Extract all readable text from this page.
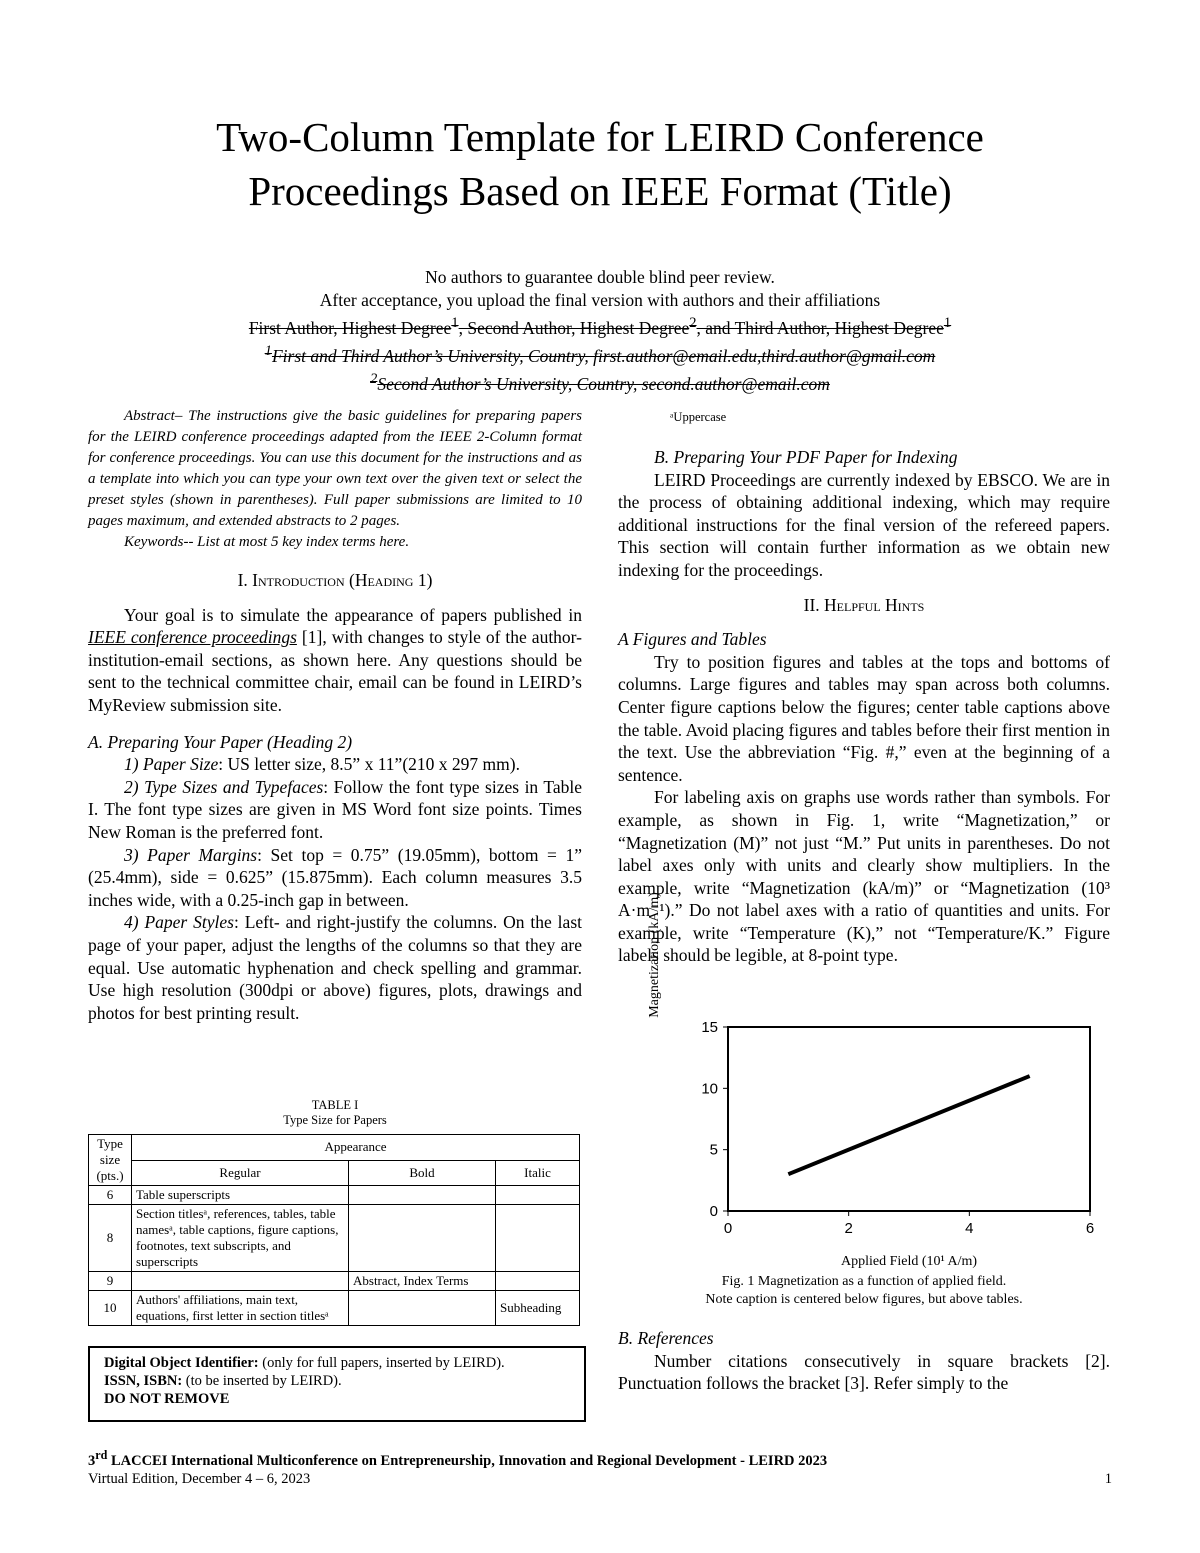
Two-Column Template for LEIRD Conference
Proceedings Based on IEEE Format (Title)
No authors to guarantee double blind peer review.
After acceptance, you upload the final version with authors and their affiliations
First Author, Highest Degree$^1$, Second Author, Highest Degree$^2$, and Third Author, Highest Degree$^1$
$^1$First and Third Author’s University, Country, first.author@email.edu,third.author@gmail.com
$^2$Second Author’s University, Country, second.author@email.com

Abstract– The instructions give the basic guidelines for preparing papers for the LEIRD conference proceedings adapted from the IEEE 2-Column format for conference proceedings. You can use this document for the instructions and as a template into which you can type your own text over the given text or select the preset styles (shown in parentheses). Full paper submissions are limited to 10 pages maximum, and extended abstracts to 2 pages.

Keywords-- List at most 5 key index terms here.

I. Introduction (Heading 1)

Your goal is to simulate the appearance of papers published in IEEE conference proceedings [1], with changes to style of the author-institution-email sections, as shown here. Any questions should be sent to the technical committee chair, email can be found in LEIRD’s MyReview submission site.

A. Preparing Your Paper (Heading 2)

1) Paper Size: US letter size, 8.5” x 11”(210 x 297 mm).

2) Type Sizes and Typefaces: Follow the font type sizes in Table I. The font type sizes are given in MS Word font size points. Times New Roman is the preferred font.

3) Paper Margins: Set top = 0.75” (19.05mm), bottom = 1” (25.4mm), side = 0.625” (15.875mm). Each column measures 3.5 inches wide, with a 0.25-inch gap in between.

4) Paper Styles: Left- and right-justify the columns. On the last page of your paper, adjust the lengths of the columns so that they are equal. Use automatic hyphenation and check spelling and grammar. Use high resolution (300dpi or above) figures, plots, drawings and photos for best printing result.

TABLE I
Type Size for Papers
Type size (pts.)	Appearance		
	Regular	Bold	Italic
6	Table superscripts		
8	Section titlesᵃ, references, tables, table namesᵃ, table captions, figure captions, footnotes, text subscripts, and superscripts		
9		Abstract, Index Terms	
10	Authors' affiliations, main text, equations, first letter in section titlesᵃ		Subheading
Digital Object Identifier: (only for full papers, inserted by LEIRD).
ISSN, ISBN: (to be inserted by LEIRD).
DO NOT REMOVE
ᵃUppercase

B. Preparing Your PDF Paper for Indexing

LEIRD Proceedings are currently indexed by EBSCO. We are in the process of obtaining additional indexing, which may require additional instructions for the final version of the refereed papers. This section will contain further information as we obtain new indexing for the proceedings.

II. Helpful Hints

A Figures and Tables

Try to position figures and tables at the tops and bottoms of columns. Large figures and tables may span across both columns. Center figure captions below the figures; center table captions above the table. Avoid placing figures and tables before their first mention in the text. Use the abbreviation “Fig. #,” even at the beginning of a sentence.

For labeling axis on graphs use words rather than symbols. For example, as shown in Fig. 1, write “Magnetization,” or “Magnetization (M)” not just “M.” Put units in parentheses. Do not label axes only with units and clearly show multipliers. In the example, write “Magnetization (kA/m)” or “Magnetization (10³ A·m⁻¹).” Do not label axes with a ratio of quantities and units. For example, write “Temperature (K),” not “Temperature/K.” Figure labels should be legible, at 8-point type.

0	2	4	6
0
5
10
15
Applied Field (10¹ A/m)
Magnetization (kA/m)
Fig. 1 Magnetization as a function of applied field.
Note caption is centered below figures, but above tables.

B. References

Number citations consecutively in square brackets [2]. Punctuation follows the bracket [3]. Refer simply to the

3rd LACCEI International Multiconference on Entrepreneurship, Innovation and Regional Development - LEIRD 2023
Virtual Edition, December 4 – 6, 2023	1
